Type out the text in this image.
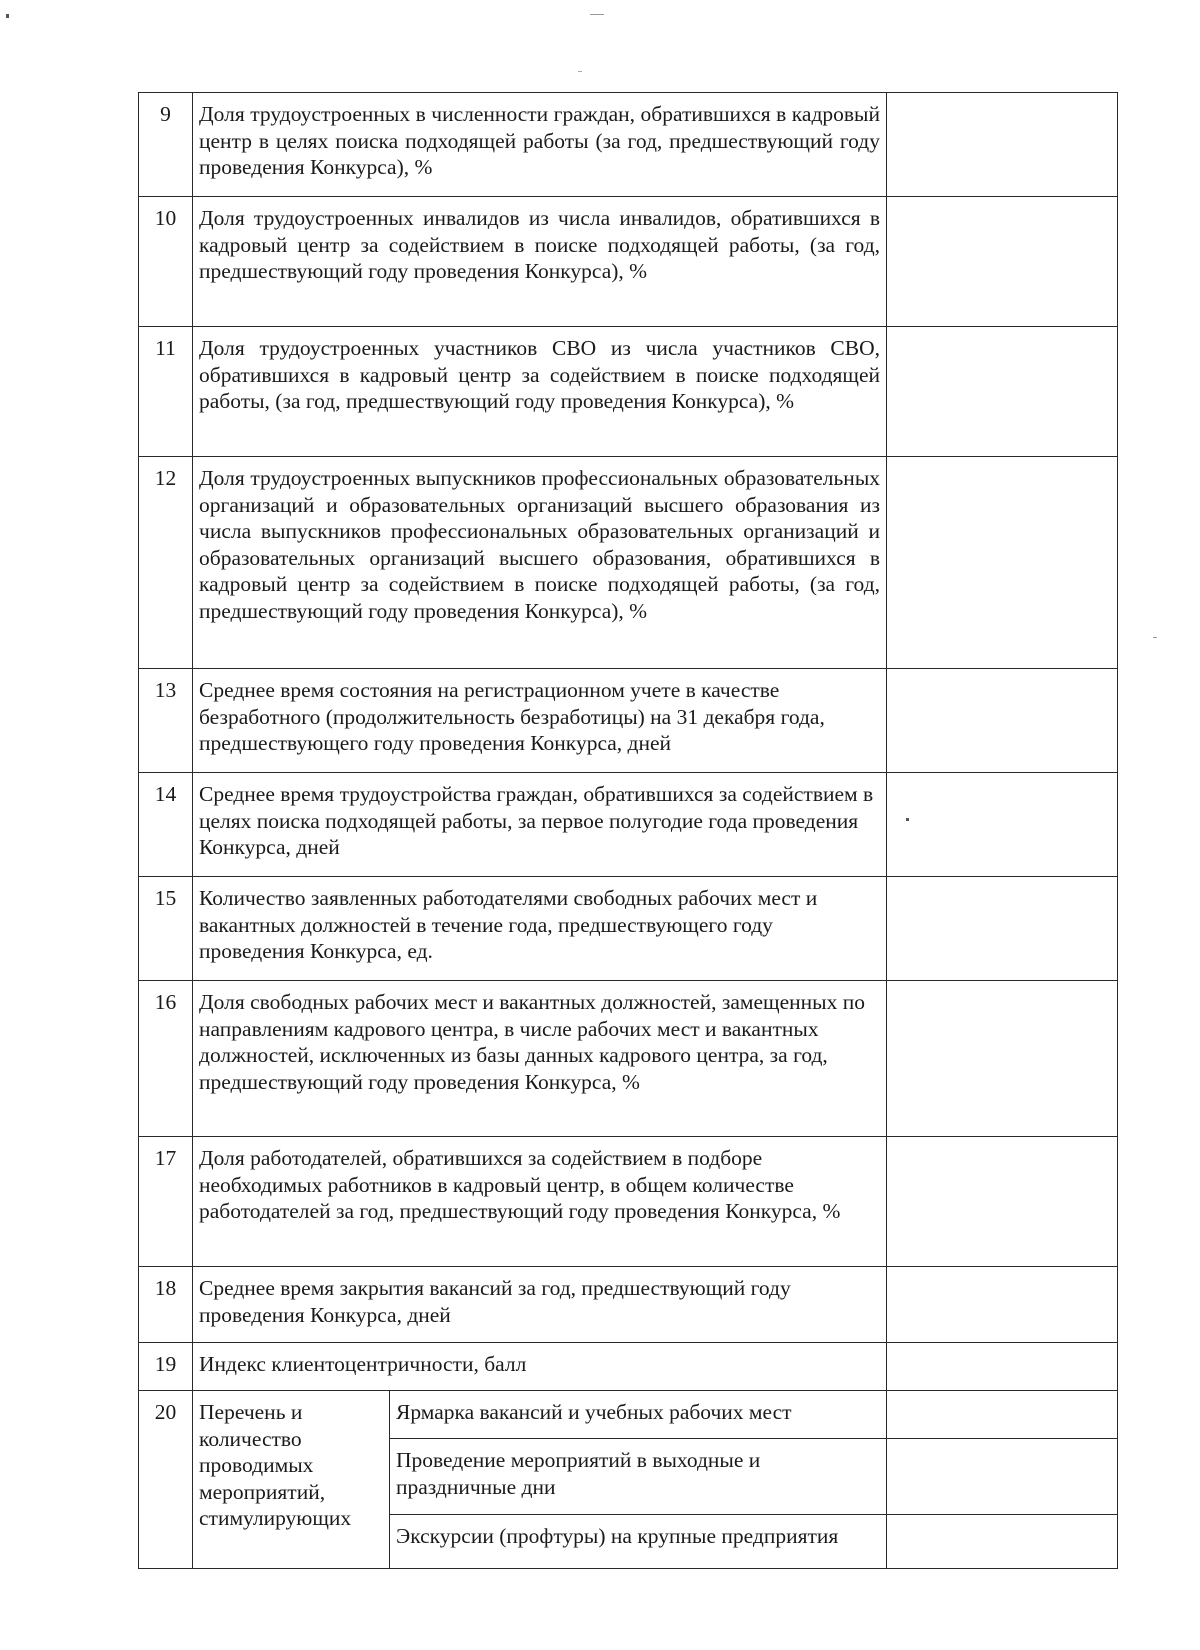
9	Доля трудоустроенных в численности граждан, обратившихся в кадровый центр в целях поиска подходящей работы (за год, предшествующий году проведения Конкурса), %		
10	Доля трудоустроенных инвалидов из числа инвалидов, обратившихся в кадровый центр за содействием в поиске подходящей работы, (за год, предшествующий году проведения Конкурса), %		
11	Доля трудоустроенных участников СВО из числа участников СВО, обратившихся в кадровый центр за содействием в поиске подходящей работы, (за год, предшествующий году проведения Конкурса), %		
12	Доля трудоустроенных выпускников профессиональных образовательных организаций и образовательных организаций высшего образования из числа выпускников профессиональных образовательных организаций и образовательных организаций высшего образования, обратившихся в кадровый центр за содействием в поиске подходящей работы, (за год, предшествующий году проведения Конкурса), %		
13	Среднее время состояния на регистрационном учете в качестве безработного (продолжительность безработицы) на 31 декабря года, предшествующего году проведения Конкурса, дней		
14	Среднее время трудоустройства граждан, обратившихся за содействием в целях поиска подходящей работы, за первое полугодие года проведения Конкурса, дней		
15	Количество заявленных работодателями свободных рабочих мест и вакантных должностей в течение года, предшествующего году проведения Конкурса, ед.		
16	Доля свободных рабочих мест и вакантных должностей, замещенных по направлениям кадрового центра, в числе рабочих мест и вакантных должностей, исключенных из базы данных кадрового центра, за год, предшествующий году проведения Конкурса, %		
17	Доля работодателей, обратившихся за содействием в подборе необходимых работников в кадровый центр, в общем количестве работодателей за год, предшествующий году проведения Конкурса, %		
18	Среднее время закрытия вакансий за год, предшествующий году проведения Конкурса, дней		
19	Индекс клиентоцентричности, балл		
20	Перечень и количество проводимых мероприятий, стимулирующих	Ярмарка вакансий и учебных рабочих мест	
		Проведение мероприятий в выходные и праздничные дни	
		Экскурсии (профтуры) на крупные предприятия	
